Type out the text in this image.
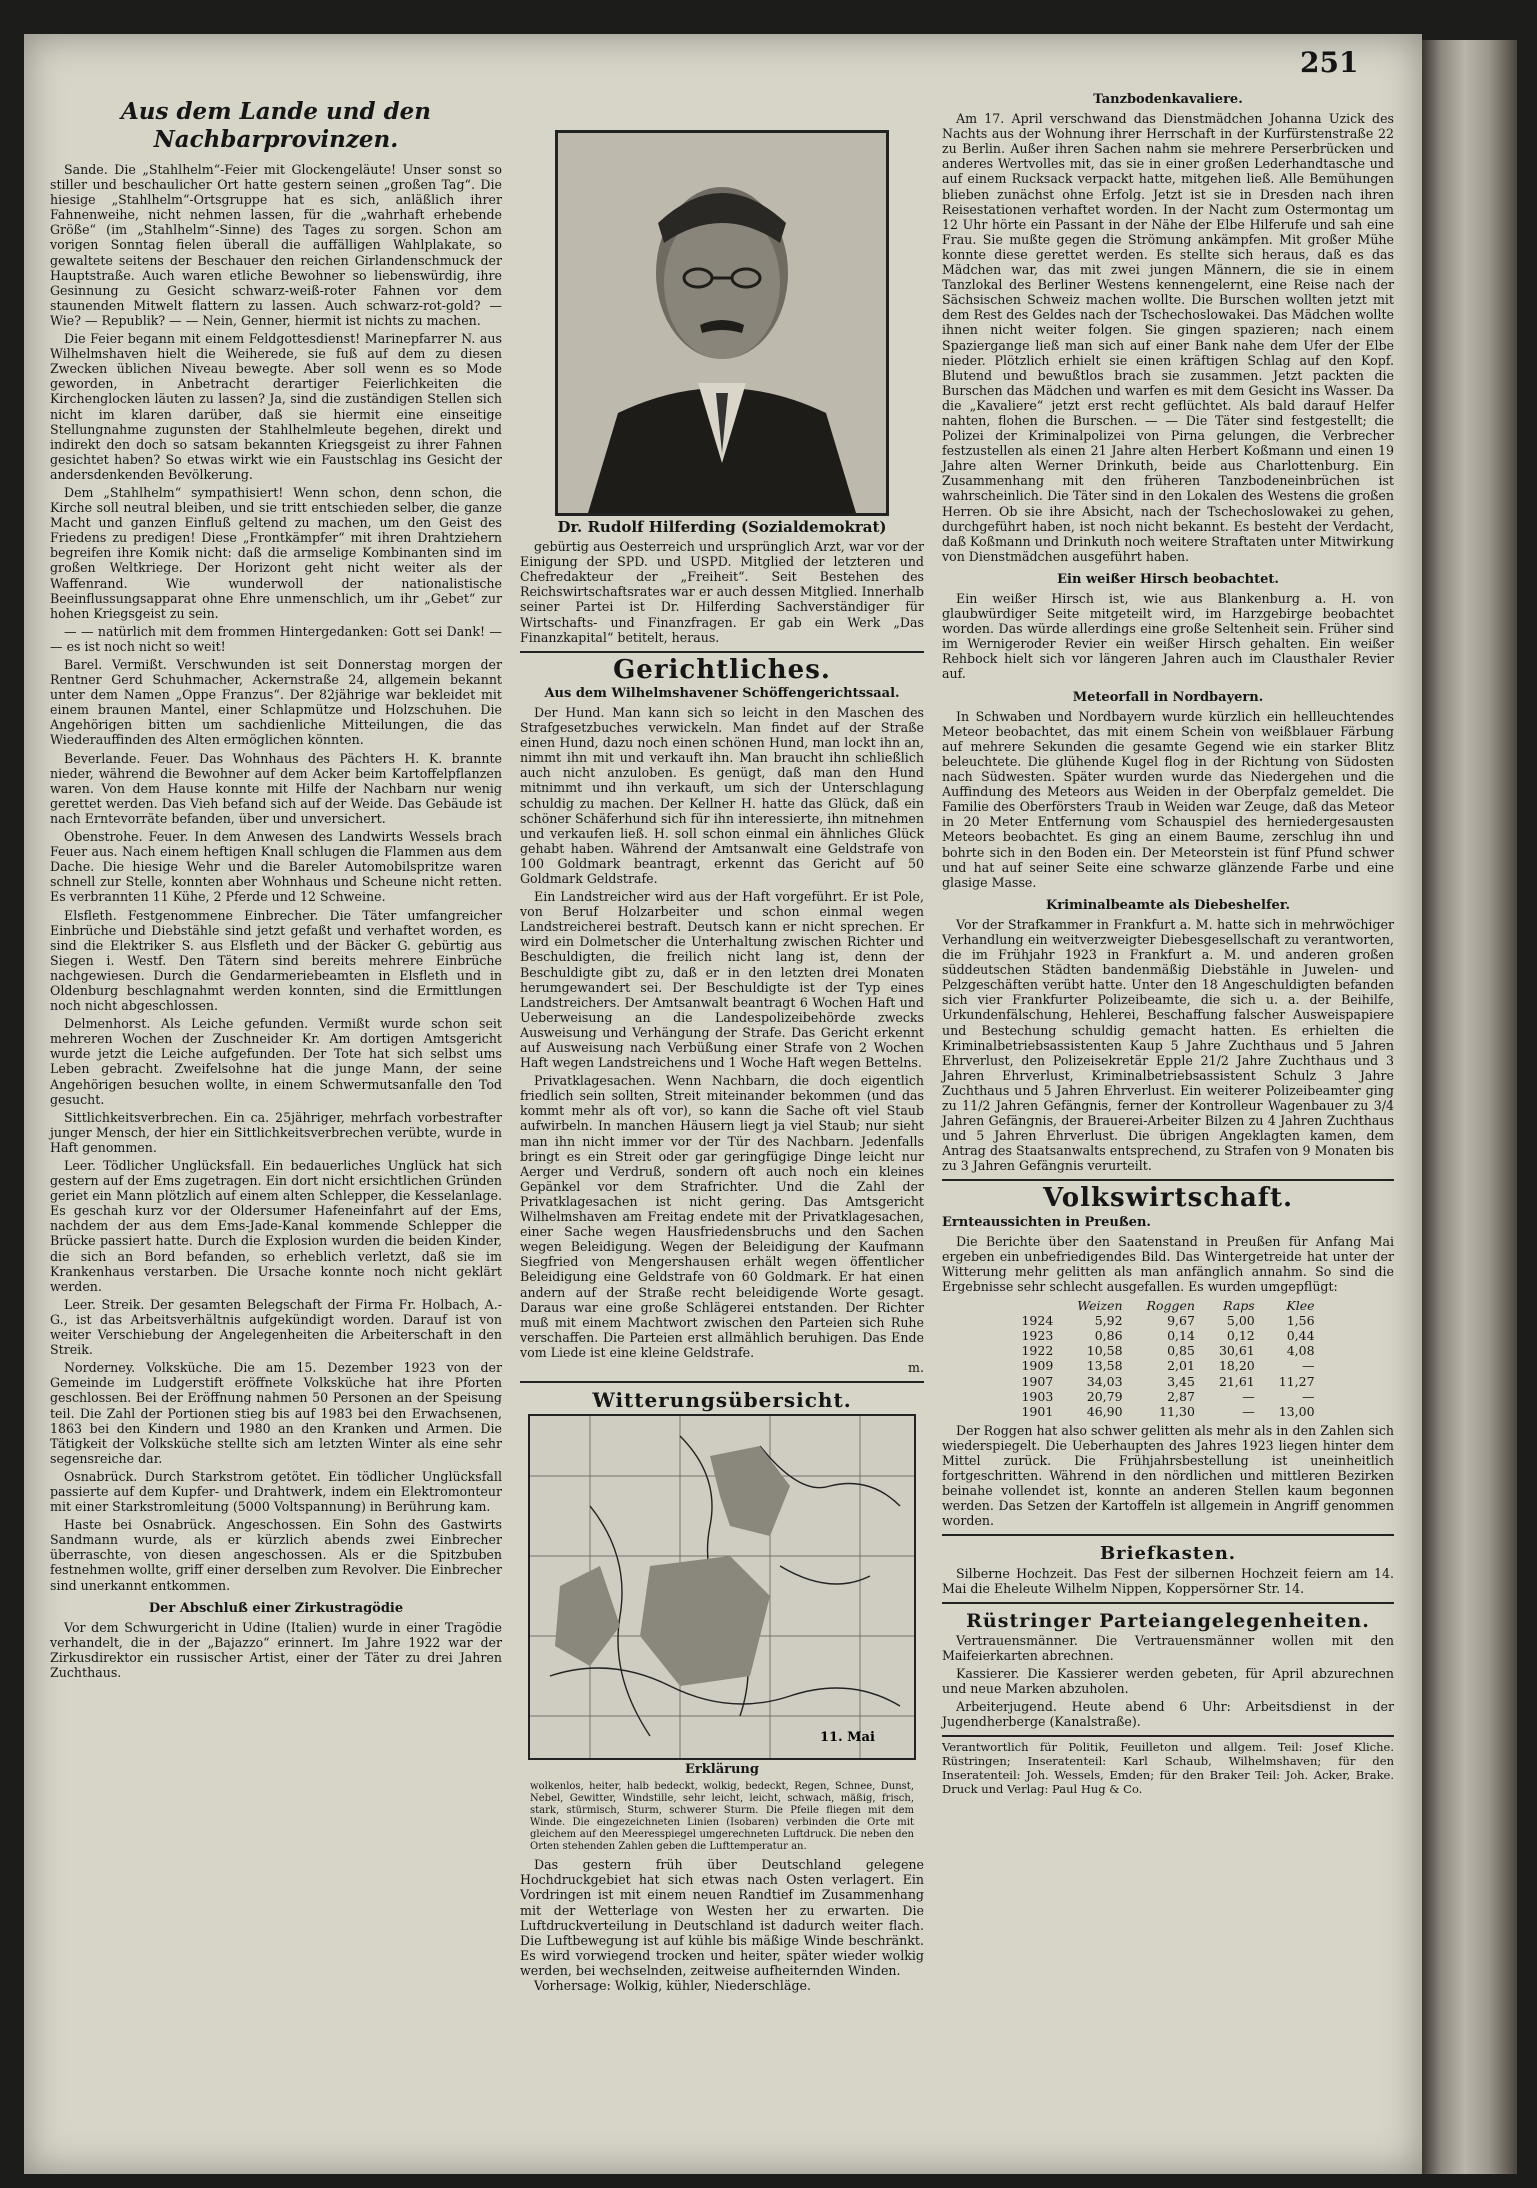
251
Aus dem Lande und den Nachbarprovinzen.

Sande. Die „Stahlhelm“-Feier mit Glockengeläute! Unser sonst so stiller und beschaulicher Ort hatte gestern seinen „großen Tag“. Die hiesige „Stahlhelm“-Ortsgruppe hat es sich, anläßlich ihrer Fahnenweihe, nicht nehmen lassen, für die „wahrhaft erhebende Größe“ (im „Stahlhelm“-Sinne) des Tages zu sorgen. Schon am vorigen Sonntag fielen überall die auffälligen Wahlplakate, so gewaltete seitens der Beschauer den reichen Girlandenschmuck der Hauptstraße. Auch waren etliche Bewohner so liebenswürdig, ihre Gesinnung zu Gesicht schwarz-weiß-roter Fahnen vor dem staunenden Mitwelt flattern zu lassen. Auch schwarz-rot-gold? — Wie? — Republik? — — Nein, Genner, hiermit ist nichts zu machen.

Die Feier begann mit einem Feldgottesdienst! Marinepfarrer N. aus Wilhelmshaven hielt die Weiherede, sie fuß auf dem zu diesen Zwecken üblichen Niveau bewegte. Aber soll wenn es so Mode geworden, in Anbetracht derartiger Feierlichkeiten die Kirchenglocken läuten zu lassen? Ja, sind die zuständigen Stellen sich nicht im klaren darüber, daß sie hiermit eine einseitige Stellungnahme zugunsten der Stahlhelmleute begehen, direkt und indirekt den doch so satsam bekannten Kriegsgeist zu ihrer Fahnen gesichtet haben? So etwas wirkt wie ein Faustschlag ins Gesicht der andersdenkenden Bevölkerung.

Dem „Stahlhelm“ sympathisiert! Wenn schon, denn schon, die Kirche soll neutral bleiben, und sie tritt entschieden selber, die ganze Macht und ganzen Einfluß geltend zu machen, um den Geist des Friedens zu predigen! Diese „Frontkämpfer“ mit ihren Drahtziehern begreifen ihre Komik nicht: daß die armselige Kombinanten sind im großen Weltkriege. Der Horizont geht nicht weiter als der Waffenrand. Wie wunderwoll der nationalistische Beeinflussungsapparat ohne Ehre unmenschlich, um ihr „Gebet“ zur hohen Kriegsgeist zu sein.

— — natürlich mit dem frommen Hintergedanken: Gott sei Dank! — — es ist noch nicht so weit!

Barel. Vermißt. Verschwunden ist seit Donnerstag morgen der Rentner Gerd Schuhmacher, Ackernstraße 24, allgemein bekannt unter dem Namen „Oppe Franzus“. Der 82jährige war bekleidet mit einem braunen Mantel, einer Schlapmütze und Holzschuhen. Die Angehörigen bitten um sachdienliche Mitteilungen, die das Wiederauffinden des Alten ermöglichen könnten.

Beverlande. Feuer. Das Wohnhaus des Pächters H. K. brannte nieder, während die Bewohner auf dem Acker beim Kartoffelpflanzen waren. Von dem Hause konnte mit Hilfe der Nachbarn nur wenig gerettet werden. Das Vieh befand sich auf der Weide. Das Gebäude ist nach Erntevorräte befanden, über und unversichert.

Obenstrohe. Feuer. In dem Anwesen des Landwirts Wessels brach Feuer aus. Nach einem heftigen Knall schlugen die Flammen aus dem Dache. Die hiesige Wehr und die Bareler Automobilspritze waren schnell zur Stelle, konnten aber Wohnhaus und Scheune nicht retten. Es verbrannten 11 Kühe, 2 Pferde und 12 Schweine.

Elsfleth. Festgenommene Einbrecher. Die Täter umfangreicher Einbrüche und Diebstähle sind jetzt gefaßt und verhaftet worden, es sind die Elektriker S. aus Elsfleth und der Bäcker G. gebürtig aus Siegen i. Westf. Den Tätern sind bereits mehrere Einbrüche nachgewiesen. Durch die Gendarmeriebeamten in Elsfleth und in Oldenburg beschlagnahmt werden konnten, sind die Ermittlungen noch nicht abgeschlossen.

Delmenhorst. Als Leiche gefunden. Vermißt wurde schon seit mehreren Wochen der Zuschneider Kr. Am dortigen Amtsgericht wurde jetzt die Leiche aufgefunden. Der Tote hat sich selbst ums Leben gebracht. Zweifelsohne hat die junge Mann, der seine Angehörigen besuchen wollte, in einem Schwermutsanfalle den Tod gesucht.

Sittlichkeitsverbrechen. Ein ca. 25jähriger, mehrfach vorbestrafter junger Mensch, der hier ein Sittlichkeitsverbrechen verübte, wurde in Haft genommen.

Leer. Tödlicher Unglücksfall. Ein bedauerliches Unglück hat sich gestern auf der Ems zugetragen. Ein dort nicht ersichtlichen Gründen geriet ein Mann plötzlich auf einem alten Schlepper, die Kesselanlage. Es geschah kurz vor der Oldersumer Hafeneinfahrt auf der Ems, nachdem der aus dem Ems-Jade-Kanal kommende Schlepper die Brücke passiert hatte. Durch die Explosion wurden die beiden Kinder, die sich an Bord befanden, so erheblich verletzt, daß sie im Krankenhaus verstarben. Die Ursache konnte noch nicht geklärt werden.

Leer. Streik. Der gesamten Belegschaft der Firma Fr. Holbach, A.-G., ist das Arbeitsverhältnis aufgekündigt worden. Darauf ist von weiter Verschiebung der Angelegenheiten die Arbeiterschaft in den Streik.

Norderney. Volksküche. Die am 15. Dezember 1923 von der Gemeinde im Ludgerstift eröffnete Volksküche hat ihre Pforten geschlossen. Bei der Eröffnung nahmen 50 Personen an der Speisung teil. Die Zahl der Portionen stieg bis auf 1983 bei den Erwachsenen, 1863 bei den Kindern und 1980 an den Kranken und Armen. Die Tätigkeit der Volksküche stellte sich am letzten Winter als eine sehr segensreiche dar.

Osnabrück. Durch Starkstrom getötet. Ein tödlicher Unglücksfall passierte auf dem Kupfer- und Drahtwerk, indem ein Elektromonteur mit einer Starkstromleitung (5000 Voltspannung) in Berührung kam.

Haste bei Osnabrück. Angeschossen. Ein Sohn des Gastwirts Sandmann wurde, als er kürzlich abends zwei Einbrecher überraschte, von diesen angeschossen. Als er die Spitzbuben festnehmen wollte, griff einer derselben zum Revolver. Die Einbrecher sind unerkannt entkommen.

Der Abschluß einer Zirkustragödie

Vor dem Schwurgericht in Udine (Italien) wurde in einer Tragödie verhandelt, die in der „Bajazzo“ erinnert. Im Jahre 1922 war der Zirkusdirektor ein russischer Artist, einer der Täter zu drei Jahren Zuchthaus.

Dr. Rudolf Hilferding (Sozialdemokrat)

gebürtig aus Oesterreich und ursprünglich Arzt, war vor der Einigung der SPD. und USPD. Mitglied der letzteren und Chefredakteur der „Freiheit“. Seit Bestehen des Reichswirtschaftsrates war er auch dessen Mitglied. Innerhalb seiner Partei ist Dr. Hilferding Sachverständiger für Wirtschafts- und Finanzfragen. Er gab ein Werk „Das Finanzkapital“ betitelt, heraus.

Gerichtliches.
Aus dem Wilhelmshavener Schöffengerichtssaal.

Der Hund. Man kann sich so leicht in den Maschen des Strafgesetzbuches verwickeln. Man findet auf der Straße einen Hund, dazu noch einen schönen Hund, man lockt ihn an, nimmt ihn mit und verkauft ihn. Man braucht ihn schließlich auch nicht anzuloben. Es genügt, daß man den Hund mitnimmt und ihn verkauft, um sich der Unterschlagung schuldig zu machen. Der Kellner H. hatte das Glück, daß ein schöner Schäferhund sich für ihn interessierte, ihn mitnehmen und verkaufen ließ. H. soll schon einmal ein ähnliches Glück gehabt haben. Während der Amtsanwalt eine Geldstrafe von 100 Goldmark beantragt, erkennt das Gericht auf 50 Goldmark Geldstrafe.

Ein Landstreicher wird aus der Haft vorgeführt. Er ist Pole, von Beruf Holzarbeiter und schon einmal wegen Landstreicherei bestraft. Deutsch kann er nicht sprechen. Er wird ein Dolmetscher die Unterhaltung zwischen Richter und Beschuldigten, die freilich nicht lang ist, denn der Beschuldigte gibt zu, daß er in den letzten drei Monaten herumgewandert sei. Der Beschuldigte ist der Typ eines Landstreichers. Der Amtsanwalt beantragt 6 Wochen Haft und Ueberweisung an die Landespolizeibehörde zwecks Ausweisung und Verhängung der Strafe. Das Gericht erkennt auf Ausweisung nach Verbüßung einer Strafe von 2 Wochen Haft wegen Landstreichens und 1 Woche Haft wegen Bettelns.

Privatklagesachen. Wenn Nachbarn, die doch eigentlich friedlich sein sollten, Streit miteinander bekommen (und das kommt mehr als oft vor), so kann die Sache oft viel Staub aufwirbeln. In manchen Häusern liegt ja viel Staub; nur sieht man ihn nicht immer vor der Tür des Nachbarn. Jedenfalls bringt es ein Streit oder gar geringfügige Dinge leicht nur Aerger und Verdruß, sondern oft auch noch ein kleines Gepänkel vor dem Strafrichter. Und die Zahl der Privatklagesachen ist nicht gering. Das Amtsgericht Wilhelmshaven am Freitag endete mit der Privatklagesachen, einer Sache wegen Hausfriedensbruchs und den Sachen wegen Beleidigung. Wegen der Beleidigung der Kaufmann Siegfried von Mengershausen erhält wegen öffentlicher Beleidigung eine Geldstrafe von 60 Goldmark. Er hat einen andern auf der Straße recht beleidigende Worte gesagt. Daraus war eine große Schlägerei entstanden. Der Richter muß mit einem Machtwort zwischen den Parteien sich Ruhe verschaffen. Die Parteien erst allmählich beruhigen. Das Ende vom Liede ist eine kleine Geldstrafe.

m.
Witterungsübersicht.
11. Mai
Erklärung
wolkenlos, heiter, halb bedeckt, wolkig, bedeckt, Regen, Schnee, Dunst, Nebel, Gewitter, Windstille, sehr leicht, leicht, schwach, mäßig, frisch, stark, stürmisch, Sturm, schwerer Sturm. Die Pfeile fliegen mit dem Winde. Die eingezeichneten Linien (Isobaren) verbinden die Orte mit gleichem auf den Meeresspiegel umgerechneten Luftdruck. Die neben den Orten stehenden Zahlen geben die Lufttemperatur an.

Das gestern früh über Deutschland gelegene Hochdruckgebiet hat sich etwas nach Osten verlagert. Ein Vordringen ist mit einem neuen Randtief im Zusammenhang mit der Wetterlage von Westen her zu erwarten. Die Luftdruckverteilung in Deutschland ist dadurch weiter flach. Die Luftbewegung ist auf kühle bis mäßige Winde beschränkt. Es wird vorwiegend trocken und heiter, später wieder wolkig werden, bei wechselnden, zeitweise aufheiternden Winden.

Vorhersage: Wolkig, kühler, Niederschläge.

Tanzbodenkavaliere.

Am 17. April verschwand das Dienstmädchen Johanna Uzick des Nachts aus der Wohnung ihrer Herrschaft in der Kurfürstenstraße 22 zu Berlin. Außer ihren Sachen nahm sie mehrere Perserbrücken und anderes Wertvolles mit, das sie in einer großen Lederhandtasche und auf einem Rucksack verpackt hatte, mitgehen ließ. Alle Bemühungen blieben zunächst ohne Erfolg. Jetzt ist sie in Dresden nach ihren Reisestationen verhaftet worden. In der Nacht zum Ostermontag um 12 Uhr hörte ein Passant in der Nähe der Elbe Hilferufe und sah eine Frau. Sie mußte gegen die Strömung ankämpfen. Mit großer Mühe konnte diese gerettet werden. Es stellte sich heraus, daß es das Mädchen war, das mit zwei jungen Männern, die sie in einem Tanzlokal des Berliner Westens kennengelernt, eine Reise nach der Sächsischen Schweiz machen wollte. Die Burschen wollten jetzt mit dem Rest des Geldes nach der Tschechoslowakei. Das Mädchen wollte ihnen nicht weiter folgen. Sie gingen spazieren; nach einem Spaziergange ließ man sich auf einer Bank nahe dem Ufer der Elbe nieder. Plötzlich erhielt sie einen kräftigen Schlag auf den Kopf. Blutend und bewußtlos brach sie zusammen. Jetzt packten die Burschen das Mädchen und warfen es mit dem Gesicht ins Wasser. Da die „Kavaliere“ jetzt erst recht geflüchtet. Als bald darauf Helfer nahten, flohen die Burschen. — — Die Täter sind festgestellt; die Polizei der Kriminalpolizei von Pirna gelungen, die Verbrecher festzustellen als einen 21 Jahre alten Herbert Koßmann und einen 19 Jahre alten Werner Drinkuth, beide aus Charlottenburg. Ein Zusammenhang mit den früheren Tanzbodeneinbrüchen ist wahrscheinlich. Die Täter sind in den Lokalen des Westens die großen Herren. Ob sie ihre Absicht, nach der Tschechoslowakei zu gehen, durchgeführt haben, ist noch nicht bekannt. Es besteht der Verdacht, daß Koßmann und Drinkuth noch weitere Straftaten unter Mitwirkung von Dienstmädchen ausgeführt haben.

Ein weißer Hirsch beobachtet.

Ein weißer Hirsch ist, wie aus Blankenburg a. H. von glaubwürdiger Seite mitgeteilt wird, im Harzgebirge beobachtet worden. Das würde allerdings eine große Seltenheit sein. Früher sind im Wernigeroder Revier ein weißer Hirsch gehalten. Ein weißer Rehbock hielt sich vor längeren Jahren auch im Clausthaler Revier auf.

Meteorfall in Nordbayern.

In Schwaben und Nordbayern wurde kürzlich ein hellleuchtendes Meteor beobachtet, das mit einem Schein von weißblauer Färbung auf mehrere Sekunden die gesamte Gegend wie ein starker Blitz beleuchtete. Die glühende Kugel flog in der Richtung von Südosten nach Südwesten. Später wurden wurde das Niedergehen und die Auffindung des Meteors aus Weiden in der Oberpfalz gemeldet. Die Familie des Oberförsters Traub in Weiden war Zeuge, daß das Meteor in 20 Meter Entfernung vom Schauspiel des herniedergesausten Meteors beobachtet. Es ging an einem Baume, zerschlug ihn und bohrte sich in den Boden ein. Der Meteorstein ist fünf Pfund schwer und hat auf seiner Seite eine schwarze glänzende Farbe und eine glasige Masse.

Kriminalbeamte als Diebeshelfer.

Vor der Strafkammer in Frankfurt a. M. hatte sich in mehrwöchiger Verhandlung ein weitverzweigter Diebesgesellschaft zu verantworten, die im Frühjahr 1923 in Frankfurt a. M. und anderen großen süddeutschen Städten bandenmäßig Diebstähle in Juwelen- und Pelzgeschäften verübt hatte. Unter den 18 Angeschuldigten befanden sich vier Frankfurter Polizeibeamte, die sich u. a. der Beihilfe, Urkundenfälschung, Hehlerei, Beschaffung falscher Ausweispapiere und Bestechung schuldig gemacht hatten. Es erhielten die Kriminalbetriebsassistenten Kaup 5 Jahre Zuchthaus und 5 Jahren Ehrverlust, den Polizeisekretär Epple 21/2 Jahre Zuchthaus und 3 Jahren Ehrverlust, Kriminalbetriebsassistent Schulz 3 Jahre Zuchthaus und 5 Jahren Ehrverlust. Ein weiterer Polizeibeamter ging zu 11/2 Jahren Gefängnis, ferner der Kontrolleur Wagenbauer zu 3/4 Jahren Gefängnis, der Brauerei-Arbeiter Bilzen zu 4 Jahren Zuchthaus und 5 Jahren Ehrverlust. Die übrigen Angeklagten kamen, dem Antrag des Staatsanwalts entsprechend, zu Strafen von 9 Monaten bis zu 3 Jahren Gefängnis verurteilt.

Volkswirtschaft.
Ernteaussichten in Preußen.

Die Berichte über den Saatenstand in Preußen für Anfang Mai ergeben ein unbefriedigendes Bild. Das Wintergetreide hat unter der Witterung mehr gelitten als man anfänglich annahm. So sind die Ergebnisse sehr schlecht ausgefallen. Es wurden umgepflügt:

	Weizen	Roggen	Raps	Klee
1924	5,92	9,67	5,00	1,56
1923	0,86	0,14	0,12	0,44
1922	10,58	0,85	30,61	4,08
1909	13,58	2,01	18,20	—
1907	34,03	3,45	21,61	11,27
1903	20,79	2,87	—	—
1901	46,90	11,30	—	13,00

Der Roggen hat also schwer gelitten als mehr als in den Zahlen sich wiederspiegelt. Die Ueberhaupten des Jahres 1923 liegen hinter dem Mittel zurück. Die Frühjahrsbestellung ist uneinheitlich fortgeschritten. Während in den nördlichen und mittleren Bezirken beinahe vollendet ist, konnte an anderen Stellen kaum begonnen werden. Das Setzen der Kartoffeln ist allgemein in Angriff genommen worden.

Briefkasten.

Silberne Hochzeit. Das Fest der silbernen Hochzeit feiern am 14. Mai die Eheleute Wilhelm Nippen, Koppersörner Str. 14.

Rüstringer Parteiangelegenheiten.

Vertrauensmänner. Die Vertrauensmänner wollen mit den Maifeierkarten abrechnen.

Kassierer. Die Kassierer werden gebeten, für April abzurechnen und neue Marken abzuholen.

Arbeiterjugend. Heute abend 6 Uhr: Arbeitsdienst in der Jugendherberge (Kanalstraße).

Verantwortlich für Politik, Feuilleton und allgem. Teil: Josef Kliche. Rüstringen; Inseratenteil: Karl Schaub, Wilhelmshaven; für den Inseratenteil: Joh. Wessels, Emden; für den Braker Teil: Joh. Acker, Brake. Druck und Verlag: Paul Hug & Co.
